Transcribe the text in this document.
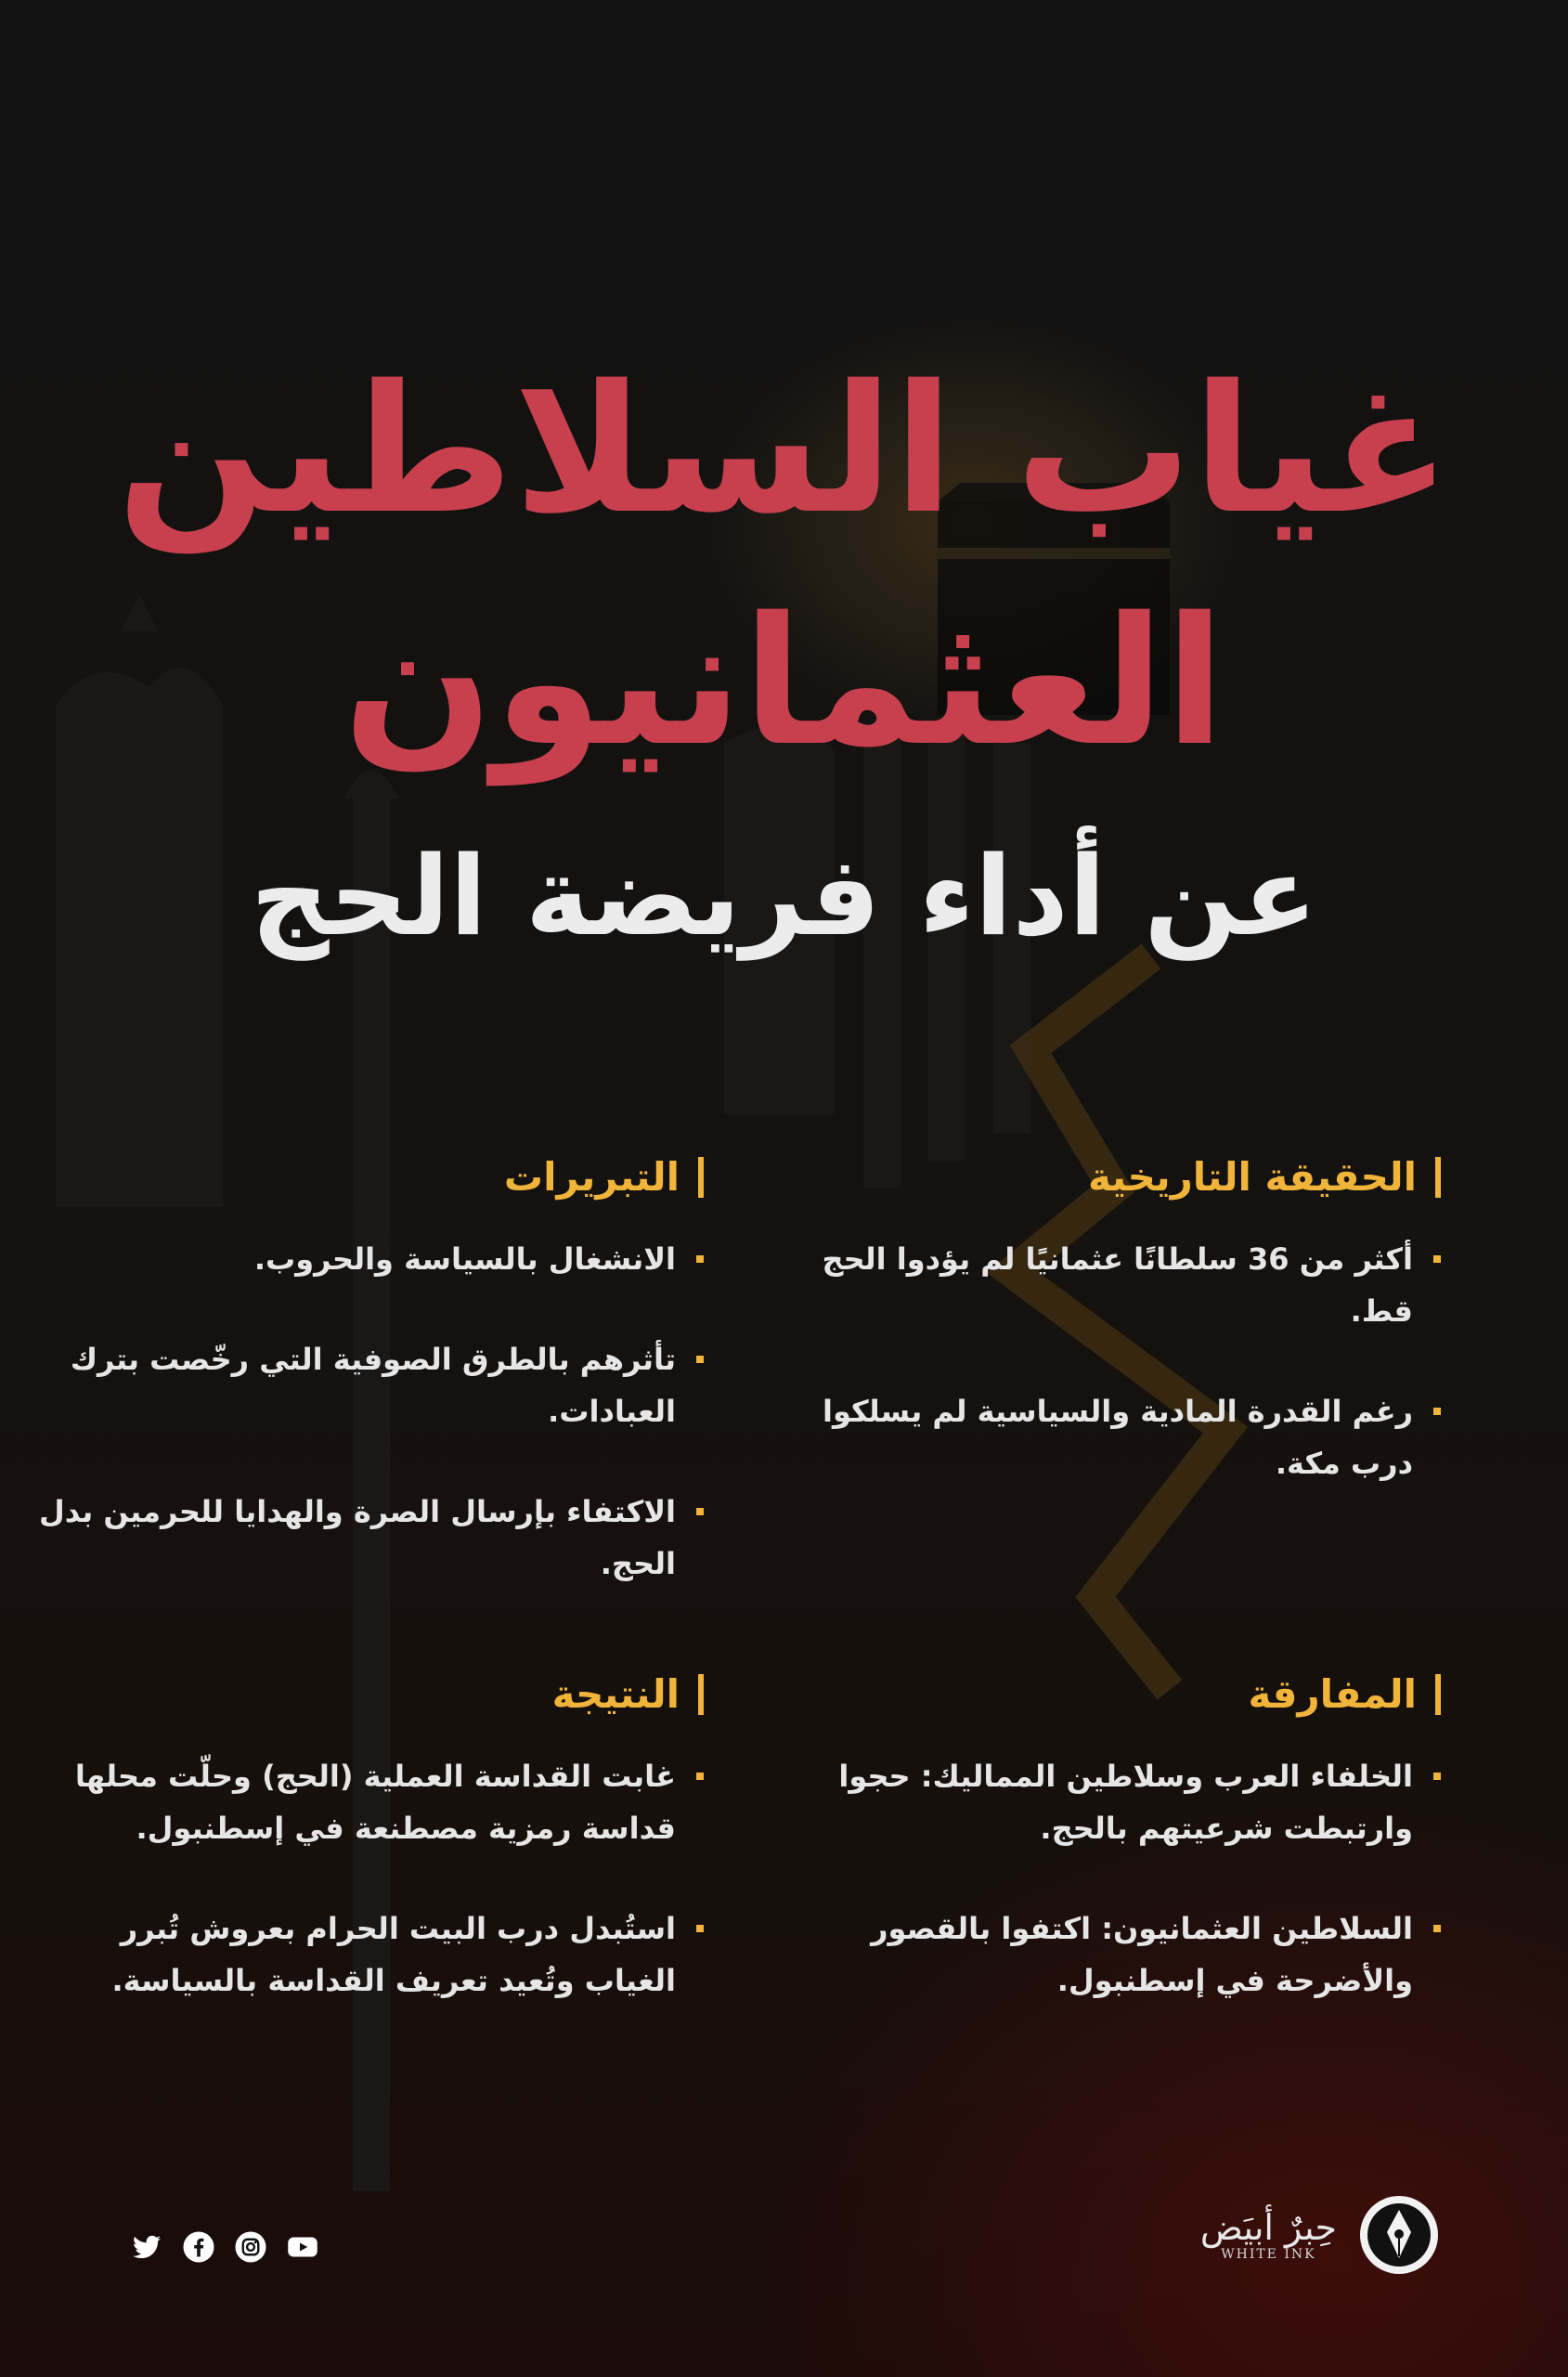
غياب السلاطين
العثمانيون
عن أداء فريضة الحج
الحقيقة التاريخية
أكثر من 36 سلطانًا عثمانيًا لم يؤدوا الحج قط.
رغم القدرة المادية والسياسية لم يسلكوا درب مكة.
التبريرات
الانشغال بالسياسة والحروب.
تأثرهم بالطرق الصوفية التي رخّصت بترك العبادات.
الاكتفاء بإرسال الصرة والهدايا للحرمين بدل الحج.
المفارقة
الخلفاء العرب وسلاطين المماليك: حجوا وارتبطت شرعيتهم بالحج.
السلاطين العثمانيون: اكتفوا بالقصور والأضرحة في إسطنبول.
النتيجة
غابت القداسة العملية (الحج) وحلّت محلها قداسة رمزية مصطنعة في إسطنبول.
استُبدل درب البيت الحرام بعروش تُبرر الغياب وتُعيد تعريف القداسة بالسياسة.
حِبرٌ أبيَض
WHITE INK
